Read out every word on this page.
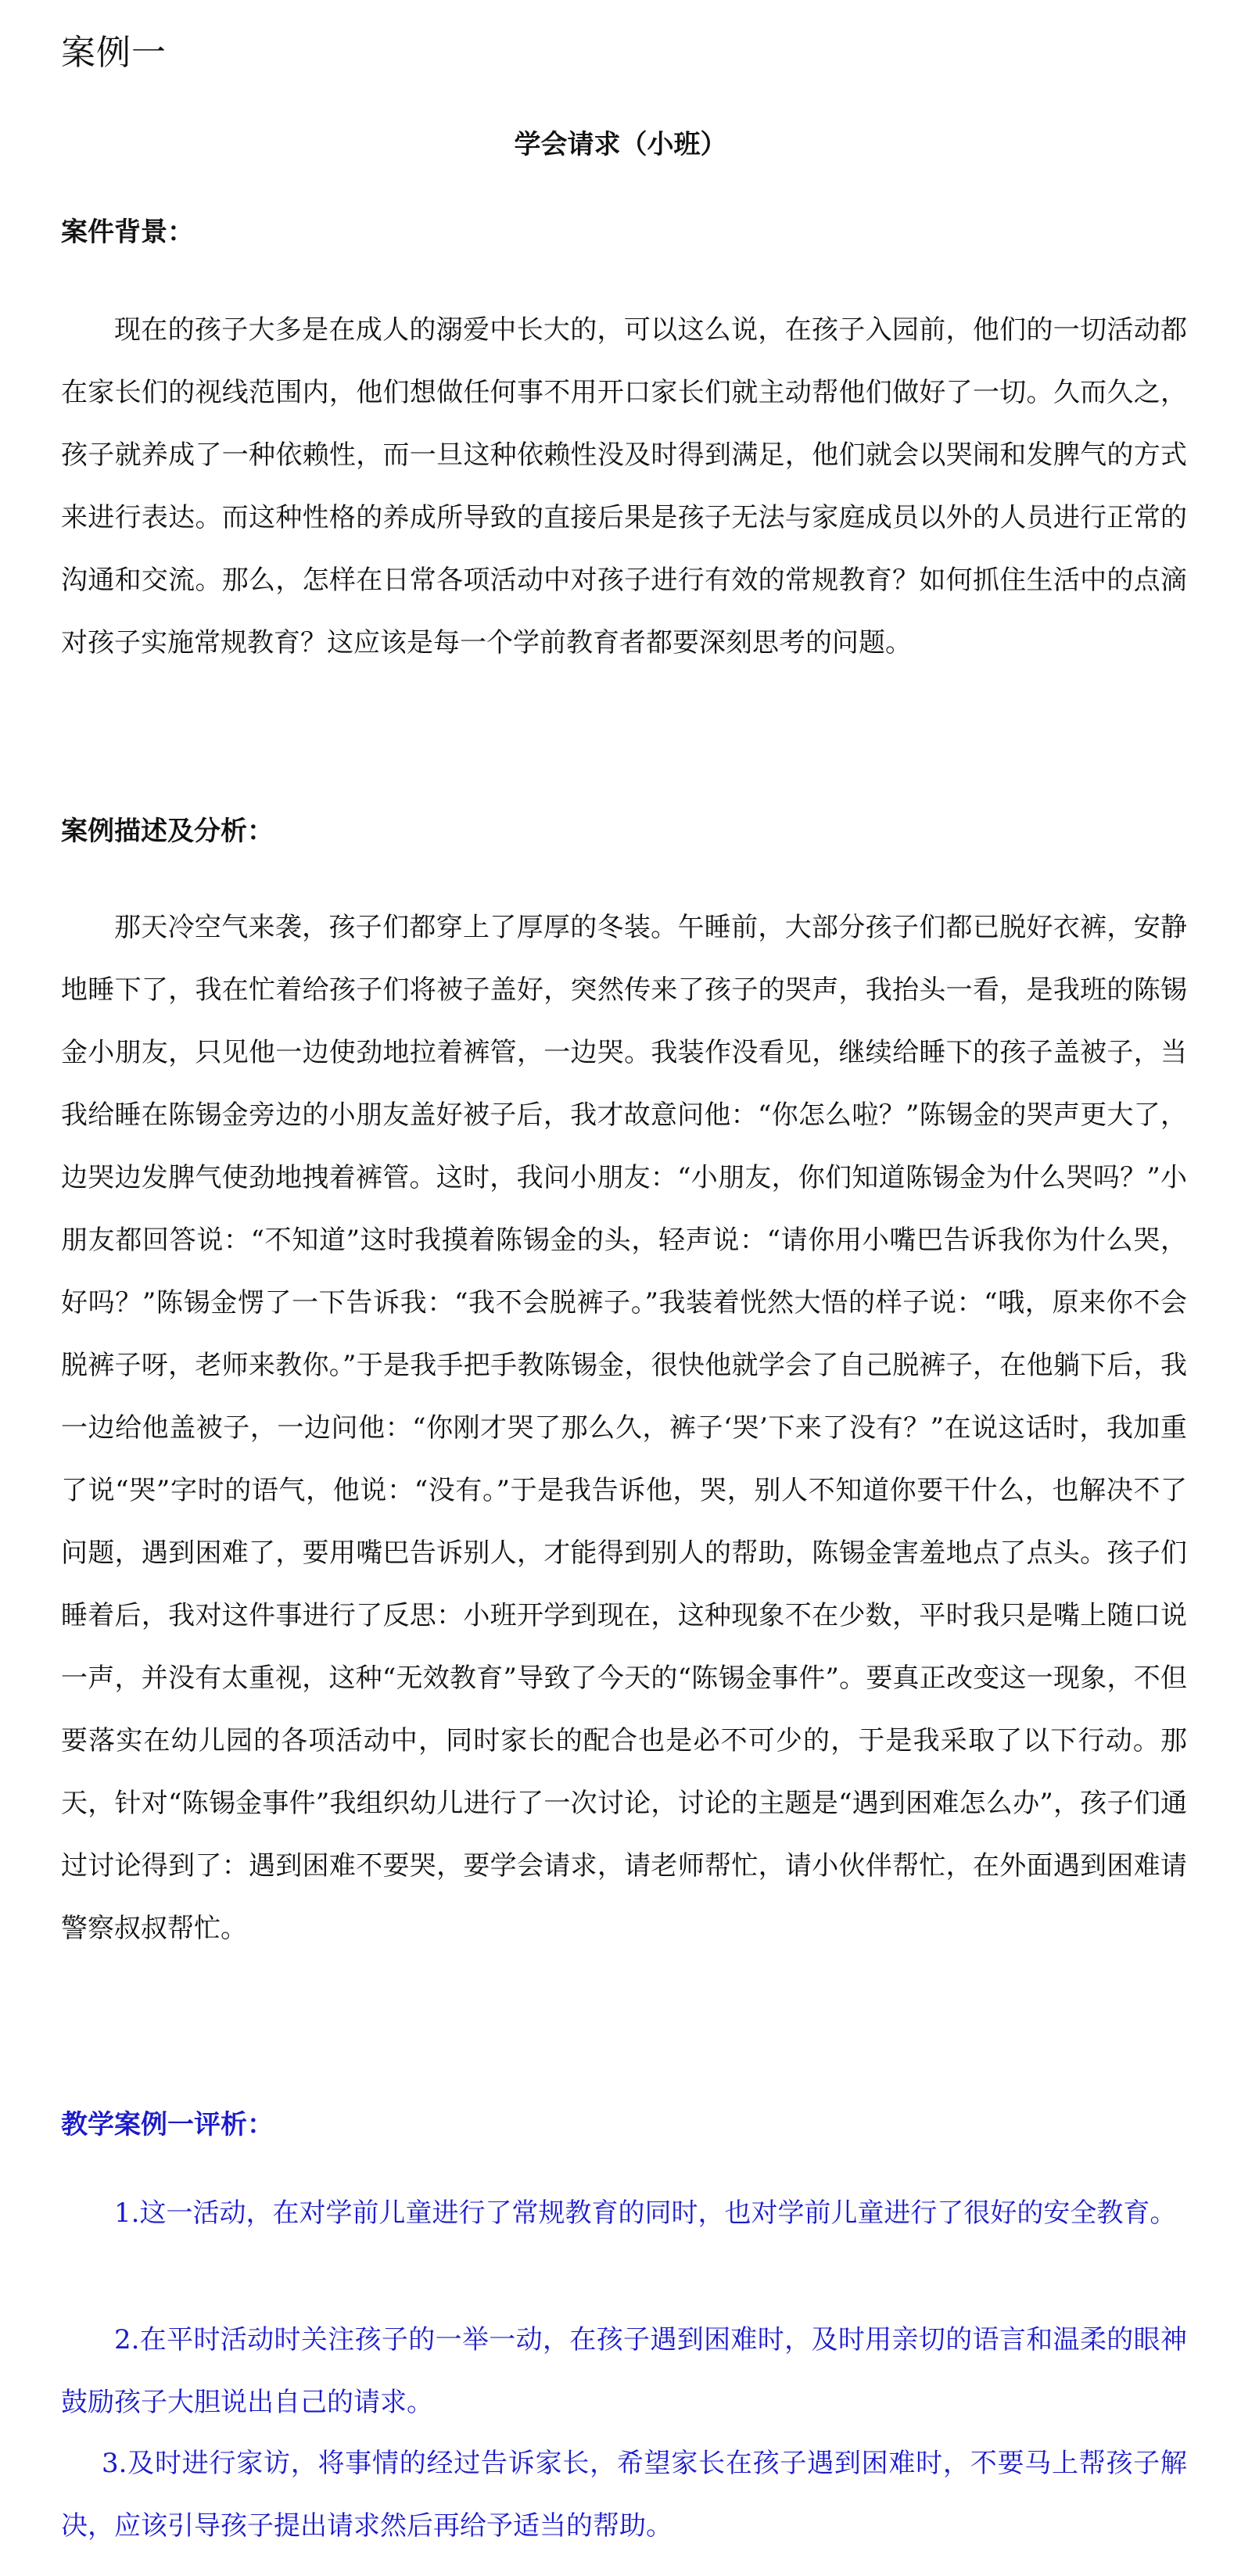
案例一
学会请求（小班）
案件背景：

现在的孩子大多是在成人的溺爱中长大的，可以这么说，在孩子入园前，他们的一切活动都在家长们的视线范围内，他们想做任何事不用开口家长们就主动帮他们做好了一切。久而久之，孩子就养成了一种依赖性，而一旦这种依赖性没及时得到满足，他们就会以哭闹和发脾气的方式来进行表达。而这种性格的养成所导致的直接后果是孩子无法与家庭成员以外的人员进行正常的沟通和交流。那么，怎样在日常各项活动中对孩子进行有效的常规教育？如何抓住生活中的点滴对孩子实施常规教育？这应该是每一个学前教育者都要深刻思考的问题。

案例描述及分析：

那天冷空气来袭，孩子们都穿上了厚厚的冬装。午睡前，大部分孩子们都已脱好衣裤，安静地睡下了，我在忙着给孩子们将被子盖好，突然传来了孩子的哭声，我抬头一看，是我班的陈锡金小朋友，只见他一边使劲地拉着裤管，一边哭。我装作没看见，继续给睡下的孩子盖被子，当我给睡在陈锡金旁边的小朋友盖好被子后，我才故意问他：“你怎么啦？”陈锡金的哭声更大了，边哭边发脾气使劲地拽着裤管。这时，我问小朋友：“小朋友，你们知道陈锡金为什么哭吗？”小朋友都回答说：“不知道”这时我摸着陈锡金的头，轻声说：“请你用小嘴巴告诉我你为什么哭，好吗？”陈锡金愣了一下告诉我：“我不会脱裤子。”我装着恍然大悟的样子说：“哦，原来你不会脱裤子呀，老师来教你。”于是我手把手教陈锡金，很快他就学会了自己脱裤子，在他躺下后，我一边给他盖被子，一边问他：“你刚才哭了那么久，裤子‘哭’下来了没有？”在说这话时，我加重了说“哭”字时的语气，他说：“没有。”于是我告诉他，哭，别人不知道你要干什么，也解决不了问题，遇到困难了，要用嘴巴告诉别人，才能得到别人的帮助，陈锡金害羞地点了点头。孩子们睡着后，我对这件事进行了反思：小班开学到现在，这种现象不在少数，平时我只是嘴上随口说一声，并没有太重视，这种“无效教育”导致了今天的“陈锡金事件”。要真正改变这一现象，不但要落实在幼儿园的各项活动中，同时家长的配合也是必不可少的，于是我采取了以下行动。那天，针对“陈锡金事件”我组织幼儿进行了一次讨论，讨论的主题是“遇到困难怎么办”，孩子们通过讨论得到了：遇到困难不要哭，要学会请求，请老师帮忙，请小伙伴帮忙，在外面遇到困难请警察叔叔帮忙。

教学案例一评析：

1.这一活动，在对学前儿童进行了常规教育的同时，也对学前儿童进行了很好的安全教育。

2.在平时活动时关注孩子的一举一动，在孩子遇到困难时，及时用亲切的语言和温柔的眼神鼓励孩子大胆说出自己的请求。

3.及时进行家访，将事情的经过告诉家长，希望家长在孩子遇到困难时，不要马上帮孩子解决，应该引导孩子提出请求然后再给予适当的帮助。
